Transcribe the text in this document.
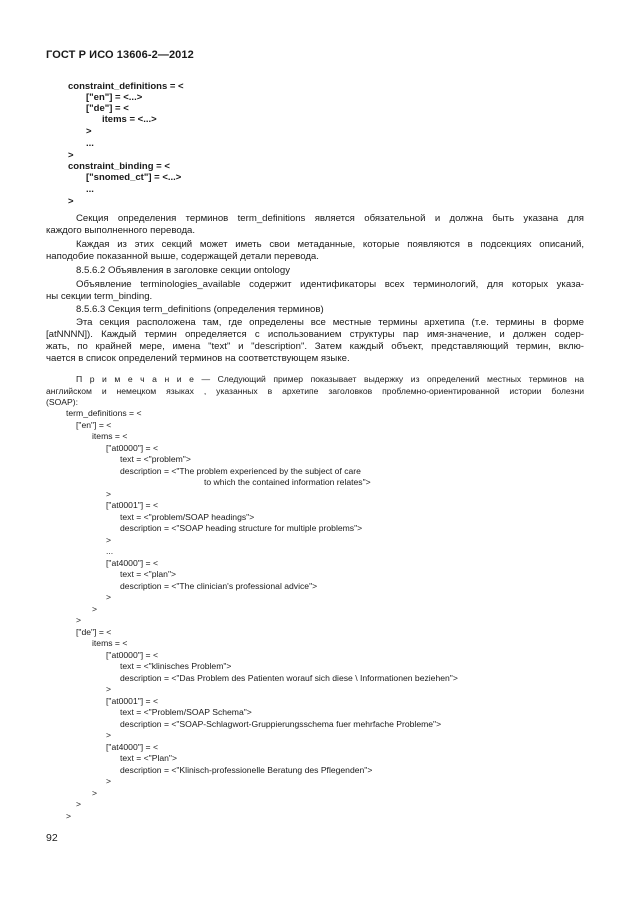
ГОСТ Р ИСО 13606-2—2012
constraint_definitions = <
["en"] = <...>
["de"] = <
items = <...>
>
...
>
constraint_binding = <
["snomed_ct"] = <...>
...
>
Секция определения терминов term_definitions является обязательной и должна быть указана для
каждого выполненного перевода.
Каждая из этих секций может иметь свои метаданные, которые появляются в подсекциях описаний,
наподобие показанной выше, содержащей детали перевода.
8.5.6.2 Объявления в заголовке секции ontology
Объявление terminologies_available содержит идентификаторы всех терминологий, для которых указа-
ны секции term_binding.
8.5.6.3 Секция term_definitions (определения терминов)
Эта секция расположена там, где определены все местные термины архетипа (т.е. термины в форме
[atNNNN]). Каждый термин определяется с использованием структуры пар имя-значение, и должен содер-
жать, по крайней мере, имена "text" и "description". Затем каждый объект, представляющий термин, вклю-
чается в список определений терминов на соответствующем языке.
П р и м е ч а н и е — Следующий пример показывает выдержку из определений местных терминов на
английском и немецком языках , указанных в архетипе заголовков проблемно-ориентированной истории болезни
(SOAP):
term_definitions = <
["en"] = <
items = <
["at0000"] = <
text = <"problem">
description = <"The problem experienced by the subject of care
to which the contained information relates">
>
["at0001"] = <
text = <"problem/SOAP headings">
description = <"SOAP heading structure for multiple problems">
>
...
["at4000"] = <
text = <"plan">
description = <"The clinician's professional advice">
>
>
>
["de"] = <
items = <
["at0000"] = <
text = <"klinisches Problem">
description = <"Das Problem des Patienten worauf sich diese \ Informationen beziehen">
>
["at0001"] = <
text = <"Problem/SOAP Schema">
description = <"SOAP-Schlagwort-Gruppierungsschema fuer mehrfache Probleme">
>
["at4000"] = <
text = <"Plan">
description = <"Klinisch-professionelle Beratung des Pflegenden">
>
>
>
>
92
